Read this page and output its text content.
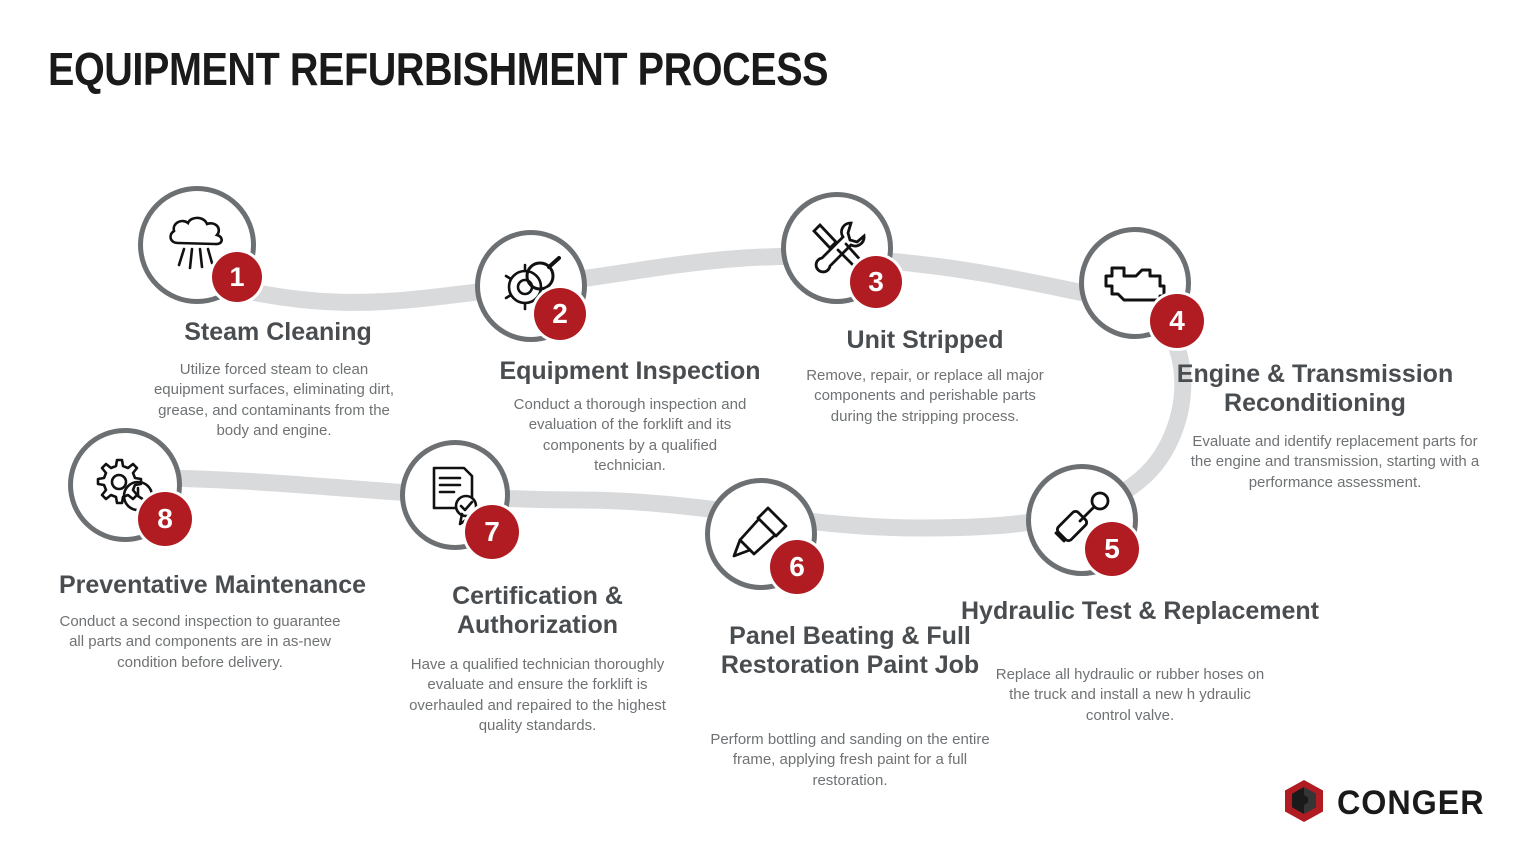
EQUIPMENT REFURBISHMENT PROCESS
1
Steam Cleaning
Utilize forced steam to clean equipment surfaces, eliminating dirt, grease, and contaminants from the body and engine.
2
Equipment Inspection
Conduct a thorough inspection and evaluation of the forklift and its components by a qualified technician.
3
Unit Stripped
Remove, repair, or replace all major components and perishable parts during the stripping process.
4
Engine & Transmission Reconditioning
Evaluate and identify replacement parts for the engine and transmission, starting with a performance assessment.
5
Hydraulic Test & Replacement
Replace all hydraulic or rubber hoses on the truck and install a new h ydraulic control valve.
6
Panel Beating & Full Restoration Paint Job
Perform bottling and sanding on the entire frame, applying fresh paint for a full restoration.
7
Certification & Authorization
Have a qualified technician thoroughly evaluate and ensure the forklift is overhauled and repaired to the highest quality standards.
8
Preventative Maintenance
Conduct a second inspection to guarantee all parts and components are in as-new condition before delivery.
CONGER
